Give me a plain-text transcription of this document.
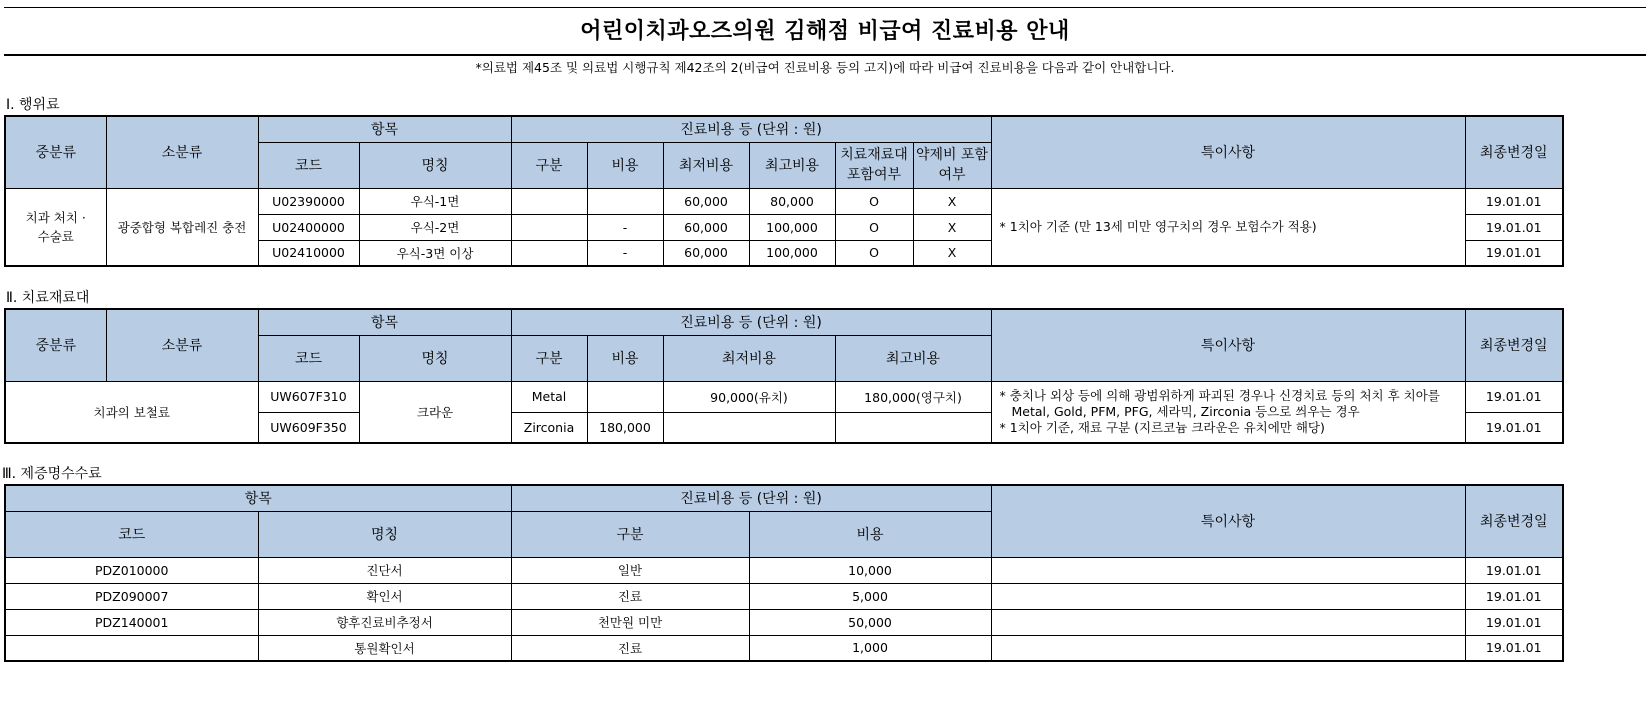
어린이치과오즈의원 김해점 비급여 진료비용 안내
*의료법 제45조 및 의료법 시행규칙 제42조의 2(비급여 진료비용 등의 고지)에 따라 비급여 진료비용을 다음과 같이 안내합니다.
Ⅰ. 행위료
중분류	소분류	항목		진료비용 등 (단위 : 원)						특이사항	최종변경일
		코드	명칭	구분	비용	최저비용	최고비용	치료재료대 포함여부	약제비 포함 여부		
치과 처치 · 수술료	광중합형 복합레진 충전	U02390000	우식-1면			60,000	80,000	O	X	* 1치아 기준 (만 13세 미만 영구치의 경우 보험수가 적용)	19.01.01
		U02400000	우식-2면		-	60,000	100,000	O	X		19.01.01
		U02410000	우식-3면 이상		-	60,000	100,000	O	X		19.01.01
Ⅱ. 치료재료대
중분류	소분류	항목		진료비용 등 (단위 : 원)				특이사항	최종변경일
		코드	명칭	구분	비용	최저비용	최고비용		
치과의 보철료		UW607F310	크라운	Metal		90,000(유치)	180,000(영구치)	* 충치나 외상 등에 의해 광범위하게 파괴된 경우나 신경치료 등의 처치 후 치아를 Metal, Gold, PFM, PFG, 세라믹, Zirconia 등으로 씌우는 경우
* 1치아 기준, 재료 구분 (지르코늄 크라운은 유치에만 해당)	19.01.01
		UW609F350		Zirconia	180,000				19.01.01
Ⅲ. 제증명수수료
항목		진료비용 등 (단위 : 원)		특이사항	최종변경일
코드	명칭	구분	비용		
PDZ010000	진단서	일반	10,000		19.01.01
PDZ090007	확인서	진료	5,000		19.01.01
PDZ140001	향후진료비추정서	천만원 미만	50,000		19.01.01
	통원확인서	진료	1,000		19.01.01
